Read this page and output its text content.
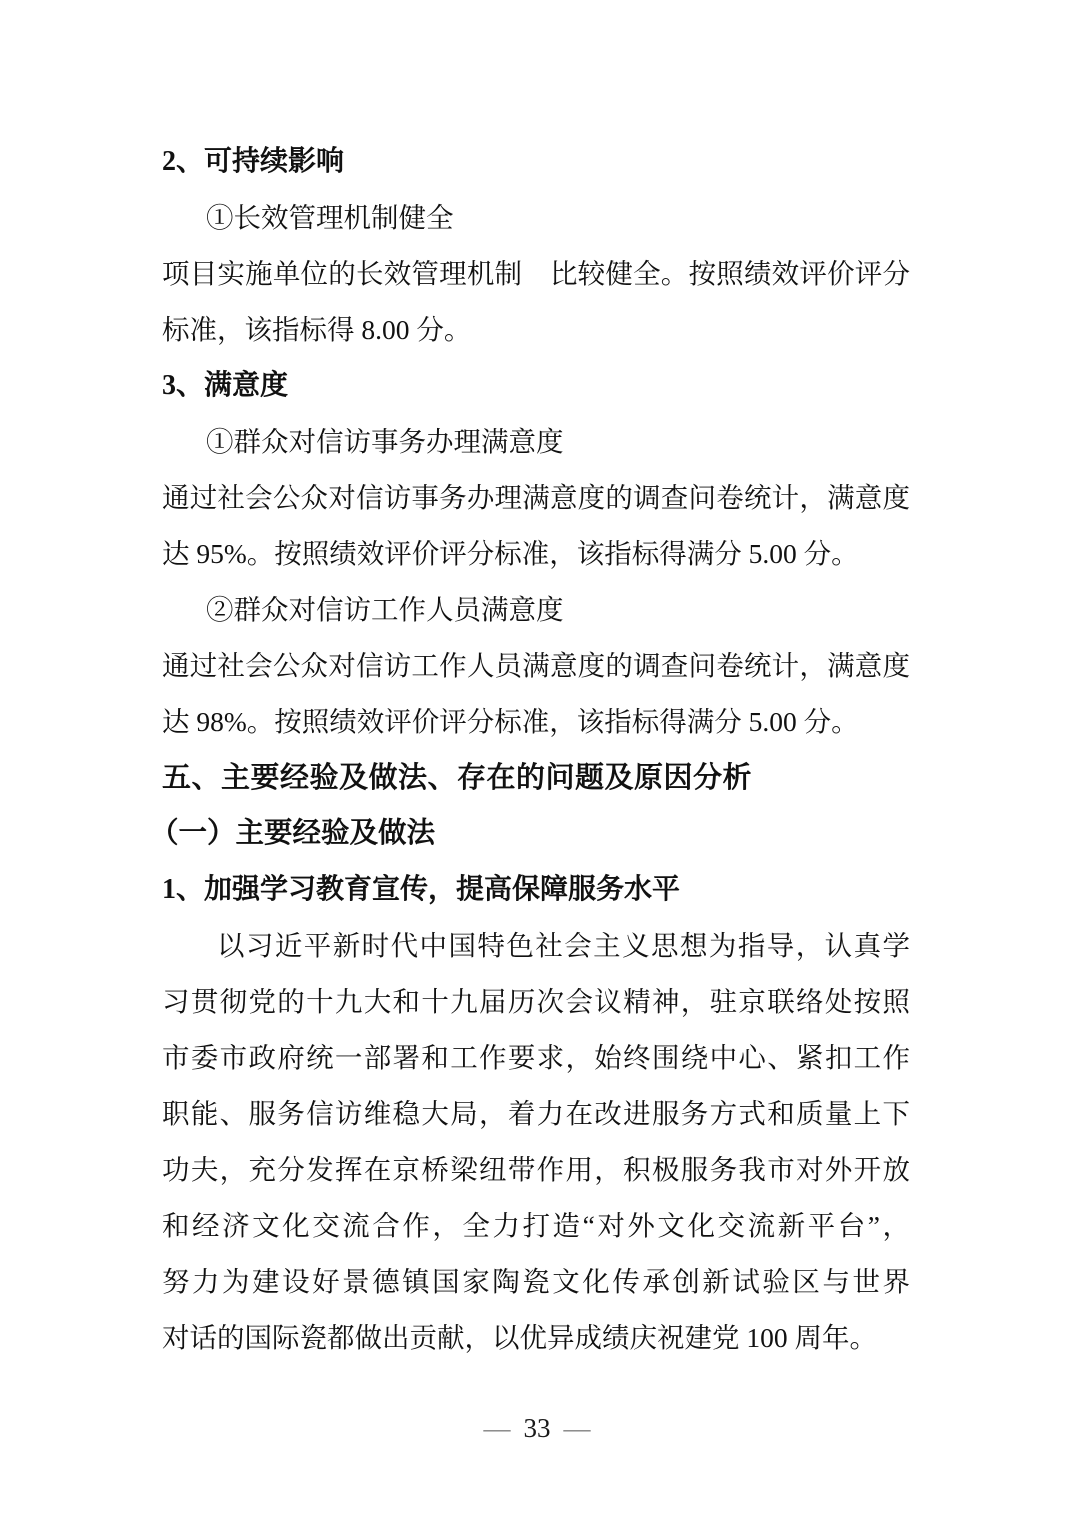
2、可持续影响
①长效管理机制健全
项目实施单位的长效管理机制　比较健全。按照绩效评价评分
标准，该指标得 8.00 分。
3、满意度
①群众对信访事务办理满意度
通过社会公众对信访事务办理满意度的调查问卷统计，满意度
达 95%。按照绩效评价评分标准，该指标得满分 5.00 分。
②群众对信访工作人员满意度
通过社会公众对信访工作人员满意度的调查问卷统计，满意度
达 98%。按照绩效评价评分标准，该指标得满分 5.00 分。
五、主要经验及做法、存在的问题及原因分析
（一）主要经验及做法
1、加强学习教育宣传，提高保障服务水平
以习近平新时代中国特色社会主义思想为指导，认真学
习贯彻党的十九大和十九届历次会议精神，驻京联络处按照
市委市政府统一部署和工作要求，始终围绕中心、紧扣工作
职能、服务信访维稳大局，着力在改进服务方式和质量上下
功夫，充分发挥在京桥梁纽带作用，积极服务我市对外开放
和经济文化交流合作，全力打造“对外文化交流新平台”，
努力为建设好景德镇国家陶瓷文化传承创新试验区与世界
对话的国际瓷都做出贡献，以优异成绩庆祝建党 100 周年。
— 33 —
